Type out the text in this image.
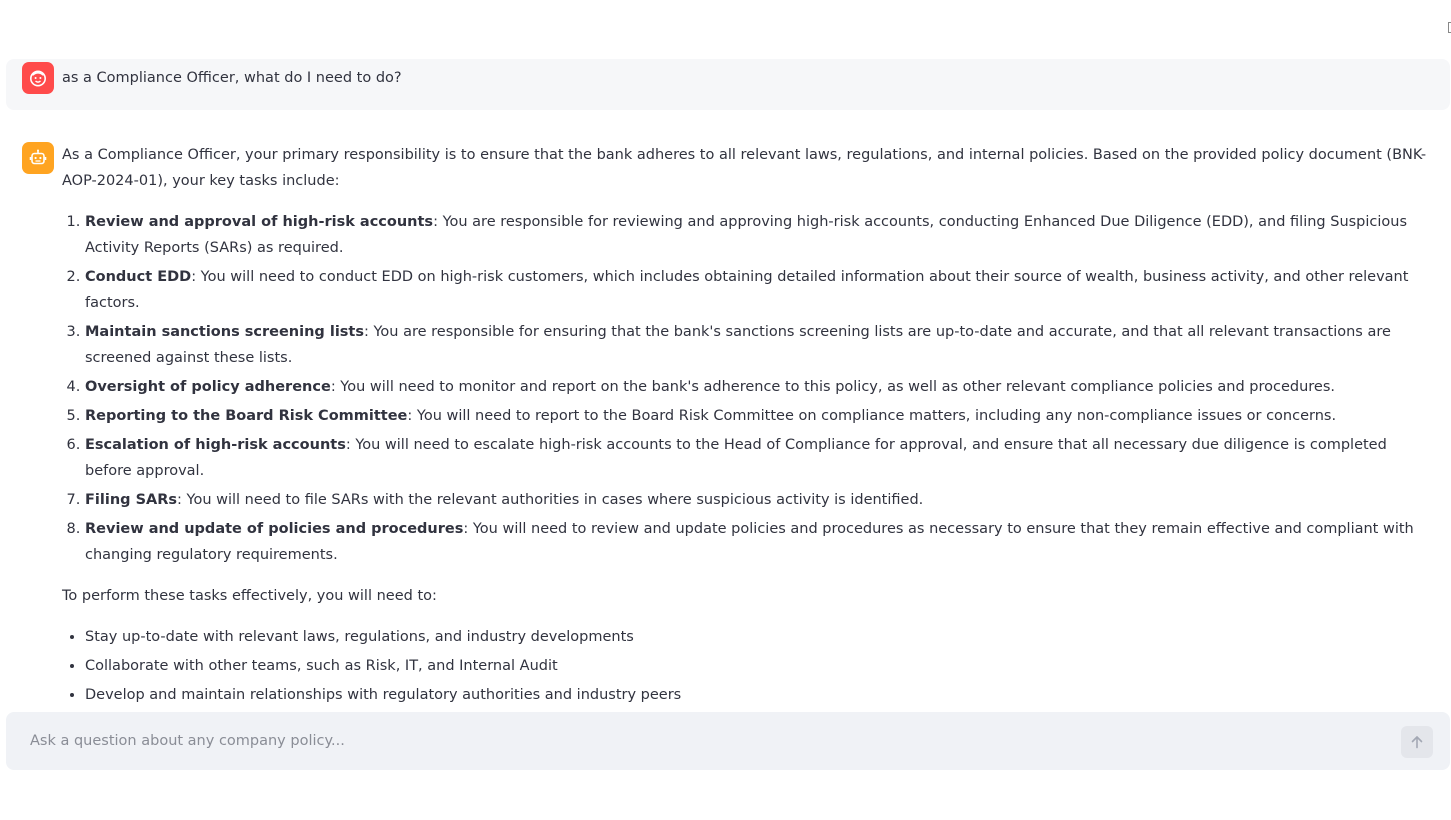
as a Compliance Officer, what do I need to do?

As a Compliance Officer, your primary responsibility is to ensure that the bank adheres to all relevant laws, regulations, and internal policies. Based on the provided policy document (BNK-AOP-2024-01), your key tasks include:

1. Review and approval of high-risk accounts: You are responsible for reviewing and approving high-risk accounts, conducting Enhanced Due Diligence (EDD), and filing Suspicious Activity Reports (SARs) as required.
2. Conduct EDD: You will need to conduct EDD on high-risk customers, which includes obtaining detailed information about their source of wealth, business activity, and other relevant factors.
3. Maintain sanctions screening lists: You are responsible for ensuring that the bank's sanctions screening lists are up-to-date and accurate, and that all relevant transactions are screened against these lists.
4. Oversight of policy adherence: You will need to monitor and report on the bank's adherence to this policy, as well as other relevant compliance policies and procedures.
5. Reporting to the Board Risk Committee: You will need to report to the Board Risk Committee on compliance matters, including any non-compliance issues or concerns.
6. Escalation of high-risk accounts: You will need to escalate high-risk accounts to the Head of Compliance for approval, and ensure that all necessary due diligence is completed before approval.
7. Filing SARs: You will need to file SARs with the relevant authorities in cases where suspicious activity is identified.
8. Review and update of policies and procedures: You will need to review and update policies and procedures as necessary to ensure that they remain effective and compliant with changing regulatory requirements.

To perform these tasks effectively, you will need to:

• Stay up-to-date with relevant laws, regulations, and industry developments
• Collaborate with other teams, such as Risk, IT, and Internal Audit
• Develop and maintain relationships with regulatory authorities and industry peers
•
•
Ask a question about any company policy...
